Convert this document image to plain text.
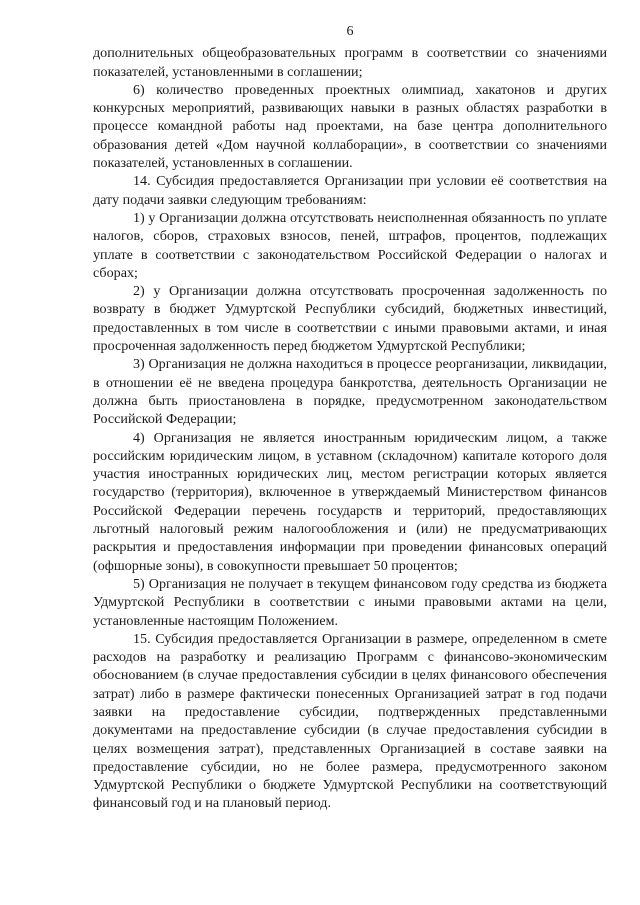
6

дополнительных общеобразовательных программ в соответствии со значениями показателей, установленными в соглашении;

6) количество проведенных проектных олимпиад, хакатонов и других конкурсных мероприятий, развивающих навыки в разных областях разработки в процессе командной работы над проектами, на базе центра дополнительного образования детей «Дом научной коллаборации», в соответствии со значениями показателей, установленных в соглашении.

14. Субсидия предоставляется Организации при условии её соответствия на дату подачи заявки следующим требованиям:

1) у Организации должна отсутствовать неисполненная обязанность по уплате налогов, сборов, страховых взносов, пеней, штрафов, процентов, подлежащих уплате в соответствии с законодательством Российской Федерации о налогах и сборах;

2) у Организации должна отсутствовать просроченная задолженность по возврату в бюджет Удмуртской Республики субсидий, бюджетных инвестиций, предоставленных в том числе в соответствии с иными правовыми актами, и иная просроченная задолженность перед бюджетом Удмуртской Республики;

3) Организация не должна находиться в процессе реорганизации, ликвидации, в отношении её не введена процедура банкротства, деятельность Организации не должна быть приостановлена в порядке, предусмотренном законодательством Российской Федерации;

4) Организация не является иностранным юридическим лицом, а также российским юридическим лицом, в уставном (складочном) капитале которого доля участия иностранных юридических лиц, местом регистрации которых является государство (территория), включенное в утверждаемый Министерством финансов Российской Федерации перечень государств и территорий, предоставляющих льготный налоговый режим налогообложения и (или) не предусматривающих раскрытия и предоставления информации при проведении финансовых операций (офшорные зоны), в совокупности превышает 50 процентов;

5) Организация не получает в текущем финансовом году средства из бюджета Удмуртской Республики в соответствии с иными правовыми актами на цели, установленные настоящим Положением.

15. Субсидия предоставляется Организации в размере, определенном в смете расходов на разработку и реализацию Программ с финансово-экономическим обоснованием (в случае предоставления субсидии в целях финансового обеспечения затрат) либо в размере фактически понесенных Организацией затрат в год подачи заявки на предоставление субсидии, подтвержденных представленными документами на предоставление субсидии (в случае предоставления субсидии в целях возмещения затрат), представленных Организацией в составе заявки на предоставление субсидии, но не более размера, предусмотренного законом Удмуртской Республики о бюджете Удмуртской Республики на соответствующий финансовый год и на плановый период.
